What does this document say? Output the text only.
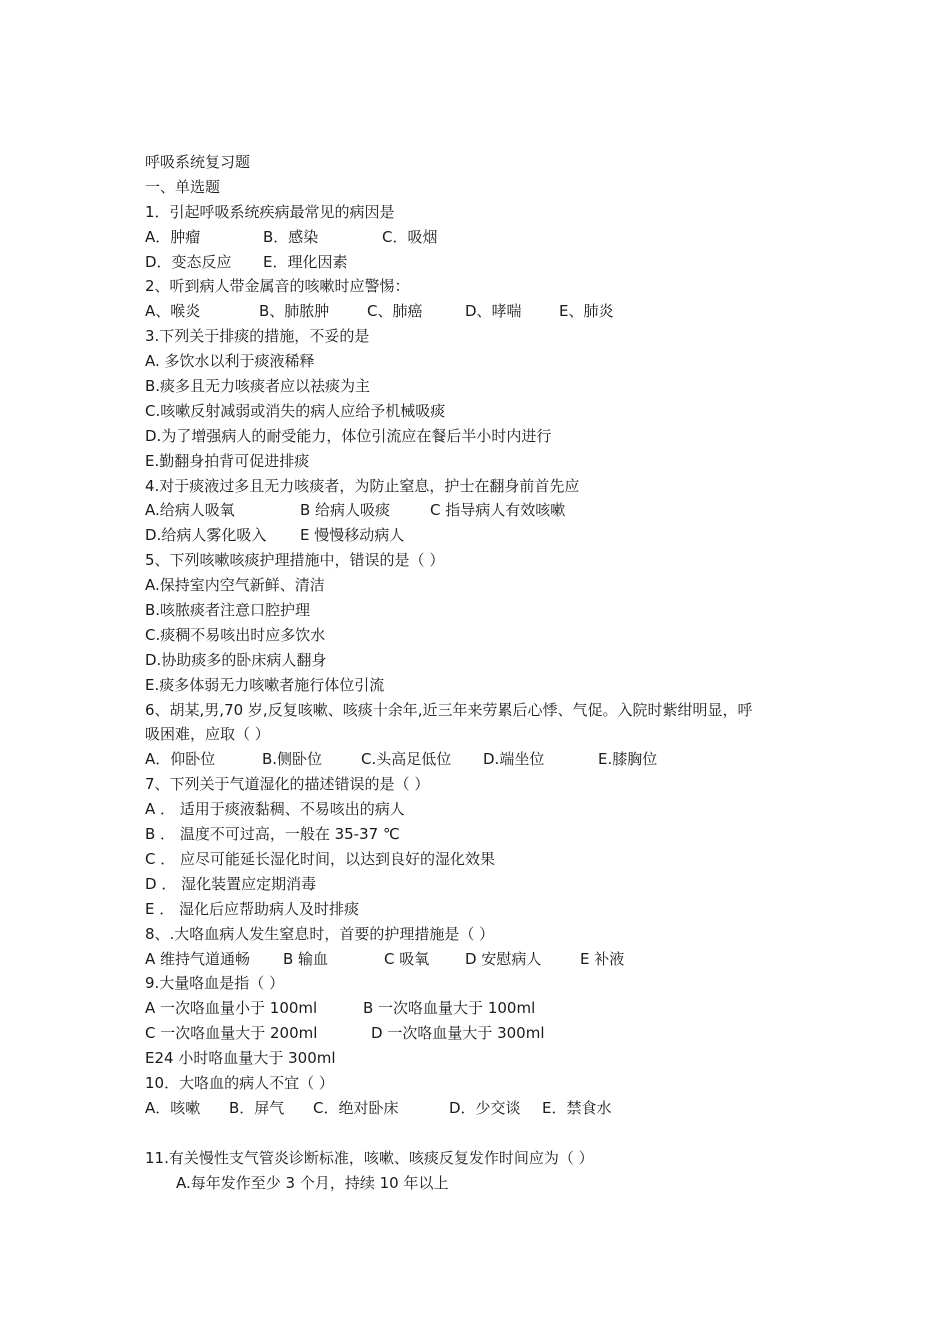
呼吸系统复习题
一、单选题
1．引起呼吸系统疾病最常见的病因是
A．肿瘤	B．感染	C．吸烟
D．变态反应	E．理化因素
2、听到病人带金属音的咳嗽时应警惕：
A、喉炎	B、肺脓肿	C、肺癌	D、哮喘	E、肺炎
3.下列关于排痰的措施，不妥的是
A. 多饮水以利于痰液稀释
B.痰多且无力咳痰者应以祛痰为主
C.咳嗽反射减弱或消失的病人应给予机械吸痰
D.为了增强病人的耐受能力，体位引流应在餐后半小时内进行
E.勤翻身拍背可促进排痰
4.对于痰液过多且无力咳痰者，为防止窒息，护士在翻身前首先应
A.给病人吸氧	B 给病人吸痰	C 指导病人有效咳嗽
D.给病人雾化吸入	E 慢慢移动病人
5、下列咳嗽咳痰护理措施中，错误的是（ ）
A.保持室内空气新鲜、清洁
B.咳脓痰者注意口腔护理
C.痰稠不易咳出时应多饮水
D.协助痰多的卧床病人翻身
E.痰多体弱无力咳嗽者施行体位引流
6、胡某,男,70 岁,反复咳嗽、咳痰十余年,近三年来劳累后心悸、气促。入院时紫绀明显，呼
吸困难，应取（ ）
A．仰卧位	B.侧卧位	C.头高足低位	D.端坐位	E.膝胸位
7、下列关于气道湿化的描述错误的是（ ）
A ． 适用于痰液黏稠、不易咳出的病人
B ． 温度不可过高，一般在 35-37 ℃
C ． 应尽可能延长湿化时间，以达到良好的湿化效果
D ． 湿化装置应定期消毒
E ． 湿化后应帮助病人及时排痰
8、.大咯血病人发生窒息时，首要的护理措施是（ ）
A 维持气道通畅	B 输血	C 吸氧	D 安慰病人	E 补液
9.大量咯血是指（ ）
A 一次咯血量小于 100ml	B 一次咯血量大于 100ml
C 一次咯血量大于 200ml	D 一次咯血量大于 300ml
E24 小时咯血量大于 300ml
10．大咯血的病人不宜（ ）
A．咳嗽	B．屏气	C．绝对卧床	D．少交谈	E．禁食水
11.有关慢性支气管炎诊断标准，咳嗽、咳痰反复发作时间应为（ ）
A.每年发作至少 3 个月，持续 10 年以上
